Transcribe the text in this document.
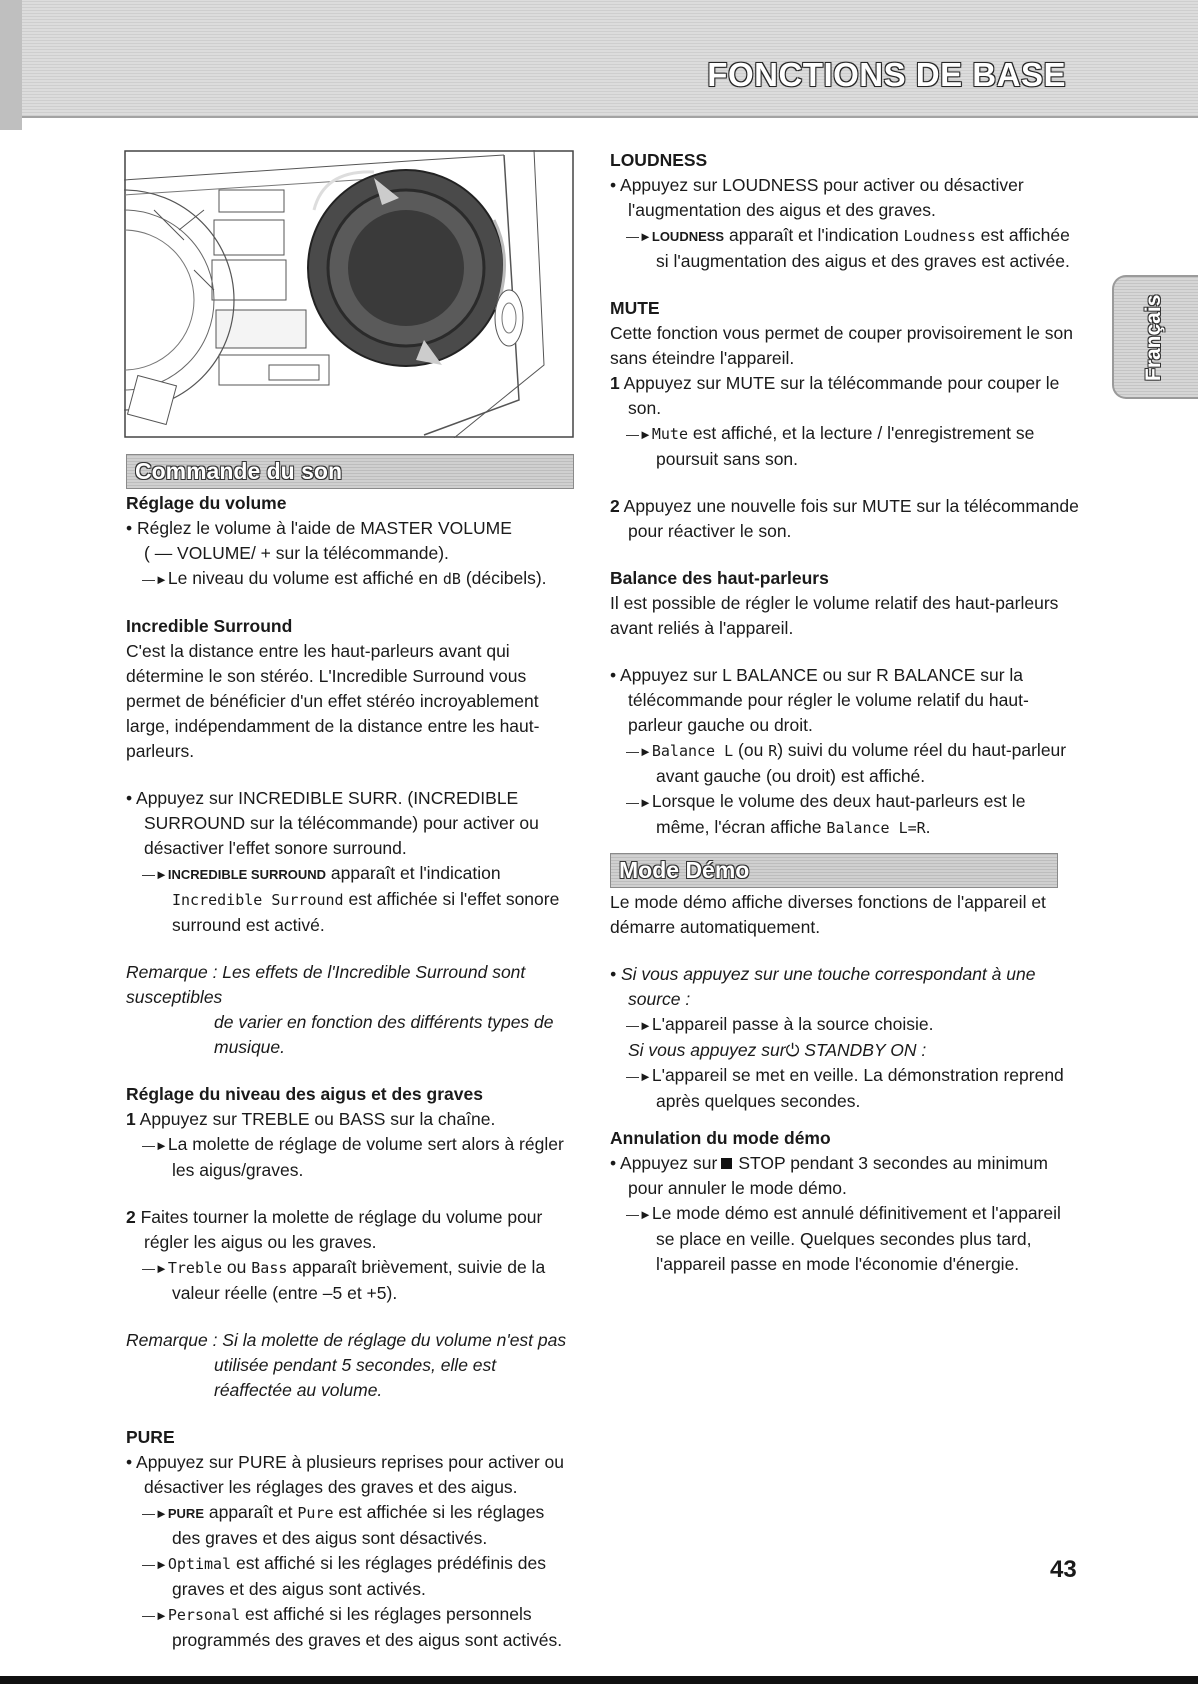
FONCTIONS DE BASE
Français
Commande du son
Réglage du volume

• Réglez le volume à l'aide de MASTER VOLUME

( — VOLUME/ + sur la télécommande).

—►Le niveau du volume est affiché en dB (décibels).

Incredible Surround

C'est la distance entre les haut-parleurs avant qui détermine le son stéréo. L'Incredible Surround vous permet de bénéficier d'un effet stéréo incroyablement large, indépendamment de la distance entre les haut-parleurs.

• Appuyez sur INCREDIBLE SURR. (INCREDIBLE SURROUND sur la télécommande) pour activer ou désactiver l'effet sonore surround.

—►INCREDIBLE SURROUND apparaît et l'indication Incredible Surround est affichée si l'effet sonore surround est activé.

Remarque : Les effets de l'Incredible Surround sont susceptibles

de varier en fonction des différents types de musique.

Réglage du niveau des aigus et des graves

1 Appuyez sur TREBLE ou BASS sur la chaîne.

—►La molette de réglage de volume sert alors à régler les aigus/graves.

2 Faites tourner la molette de réglage du volume pour régler les aigus ou les graves.

—►Treble ou Bass apparaît brièvement, suivie de la valeur réelle (entre –5 et +5).

Remarque : Si la molette de réglage du volume n'est pas

utilisée pendant 5 secondes, elle est réaffectée au volume.

PURE

• Appuyez sur PURE à plusieurs reprises pour activer ou désactiver les réglages des graves et des aigus.

—►PURE apparaît et Pure est affichée si les réglages des graves et des aigus sont désactivés.

—►Optimal est affiché si les réglages prédéfinis des graves et des aigus sont activés.

—►Personal est affiché si les réglages personnels programmés des graves et des aigus sont activés.

LOUDNESS

• Appuyez sur LOUDNESS pour activer ou désactiver l'augmentation des aigus et des graves.

—►LOUDNESS apparaît et l'indication Loudness est affichée si l'augmentation des aigus et des graves est activée.

MUTE

Cette fonction vous permet de couper provisoirement le son sans éteindre l'appareil.

1 Appuyez sur MUTE sur la télécommande pour couper le son.

—►Mute est affiché, et la lecture / l'enregistrement se poursuit sans son.

2 Appuyez une nouvelle fois sur MUTE sur la télécommande pour réactiver le son.

Balance des haut-parleurs

Il est possible de régler le volume relatif des haut-parleurs avant reliés à l'appareil.

• Appuyez sur L BALANCE ou sur R BALANCE sur la télécommande pour régler le volume relatif du haut-parleur gauche ou droit.

—►Balance L (ou R) suivi du volume réel du haut-parleur avant gauche (ou droit) est affiché.

—►Lorsque le volume des deux haut-parleurs est le même, l'écran affiche Balance L=R.

Mode Démo

Le mode démo affiche diverses fonctions de l'appareil et démarre automatiquement.

• Si vous appuyez sur une touche correspondant à une source :

—►L'appareil passe à la source choisie.

Si vous appuyez sur⏻ STANDBY ON :

—►L'appareil se met en veille. La démonstration reprend après quelques secondes.

Annulation du mode démo

• Appuyez sur STOP pendant 3 secondes au minimum pour annuler le mode démo.

—►Le mode démo est annulé définitivement et l'appareil se place en veille. Quelques secondes plus tard, l'appareil passe en mode l'économie d'énergie.

43
